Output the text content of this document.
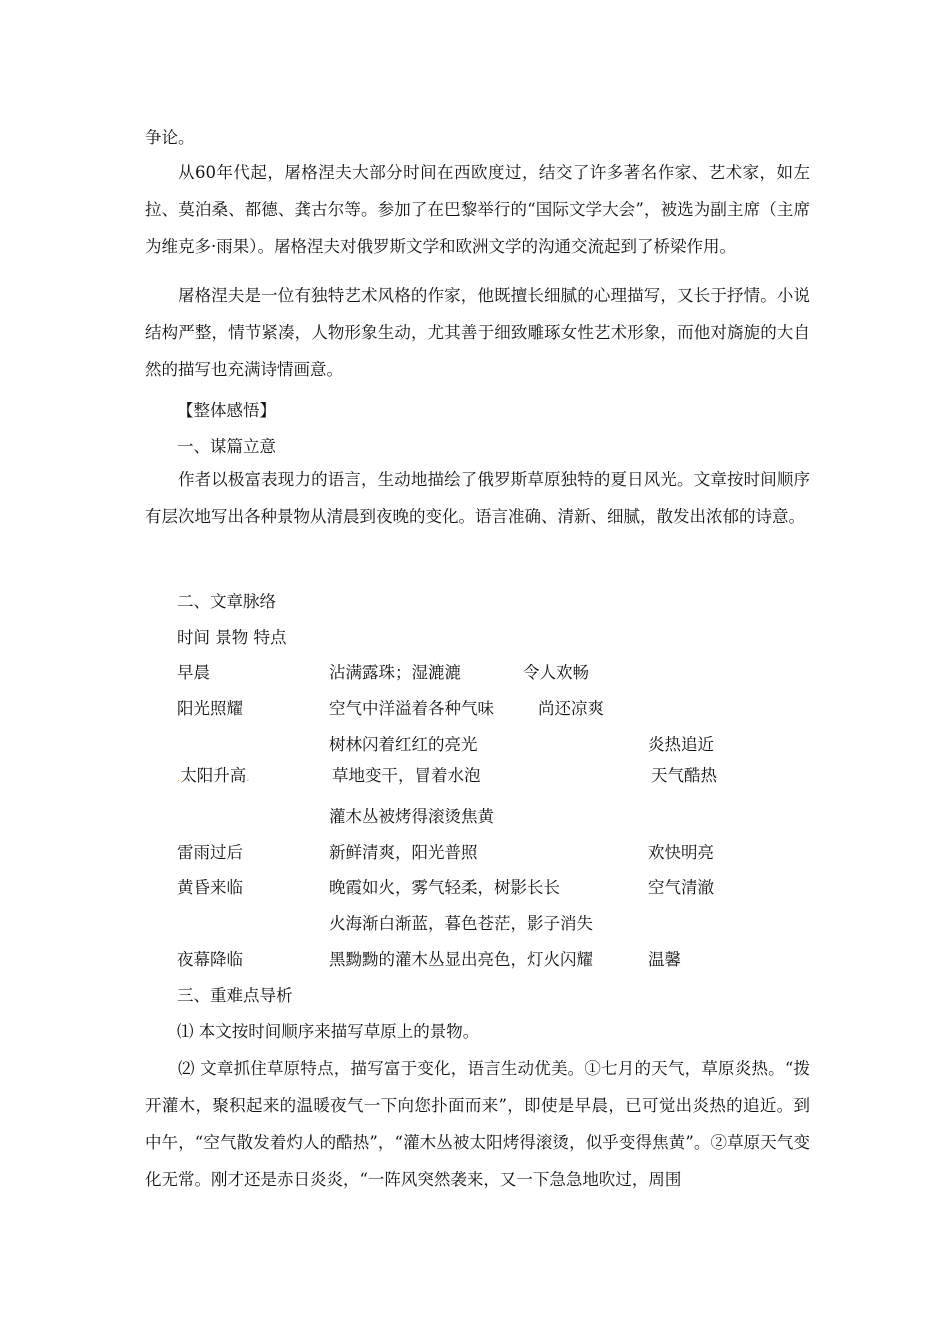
争论。
从60年代起，屠格涅夫大部分时间在西欧度过，结交了许多著名作家、艺术家，如左拉、莫泊桑、都德、龚古尔等。参加了在巴黎举行的“国际文学大会”，被选为副主席（主席为维克多·雨果）。屠格涅夫对俄罗斯文学和欧洲文学的沟通交流起到了桥梁作用。
屠格涅夫是一位有独特艺术风格的作家，他既擅长细腻的心理描写，又长于抒情。小说结构严整，情节紧凑，人物形象生动，尤其善于细致雕琢女性艺术形象，而他对旖旎的大自然的描写也充满诗情画意。
【整体感悟】
一、谋篇立意
作者以极富表现力的语言，生动地描绘了俄罗斯草原独特的夏日风光。文章按时间顺序有层次地写出各种景物从清晨到夜晚的变化。语言准确、清新、细腻，散发出浓郁的诗意。
二、文章脉络
时间 景物 特点
早晨	沾满露珠；湿漉漉	令人欢畅
阳光照耀	空气中洋溢着各种气味	尚还凉爽
树林闪着红红的亮光	炎热追近
.太阳升高.	草地变干，冒着水泡	天气酷热
灌木丛被烤得滚烫焦黄
雷雨过后	新鲜清爽，阳光普照	欢快明亮
黄昏来临	晚霞如火，雾气轻柔，树影长长	空气清澈
火海渐白渐蓝，暮色苍茫，影子消失
夜幕降临	黑黝黝的灌木丛显出亮色，灯火闪耀	温馨
三、重难点导析
⑴ 本文按时间顺序来描写草原上的景物。
⑵ 文章抓住草原特点，描写富于变化，语言生动优美。①七月的天气，草原炎热。“拨开灌木，聚积起来的温暖夜气一下向您扑面而来”，即使是早晨，已可觉出炎热的追近。到中午，“空气散发着灼人的酷热”，“灌木丛被太阳烤得滚烫，似乎变得焦黄”。②草原天气变化无常。刚才还是赤日炎炎，“一阵风突然袭来，又一下急急地吹过，周围
